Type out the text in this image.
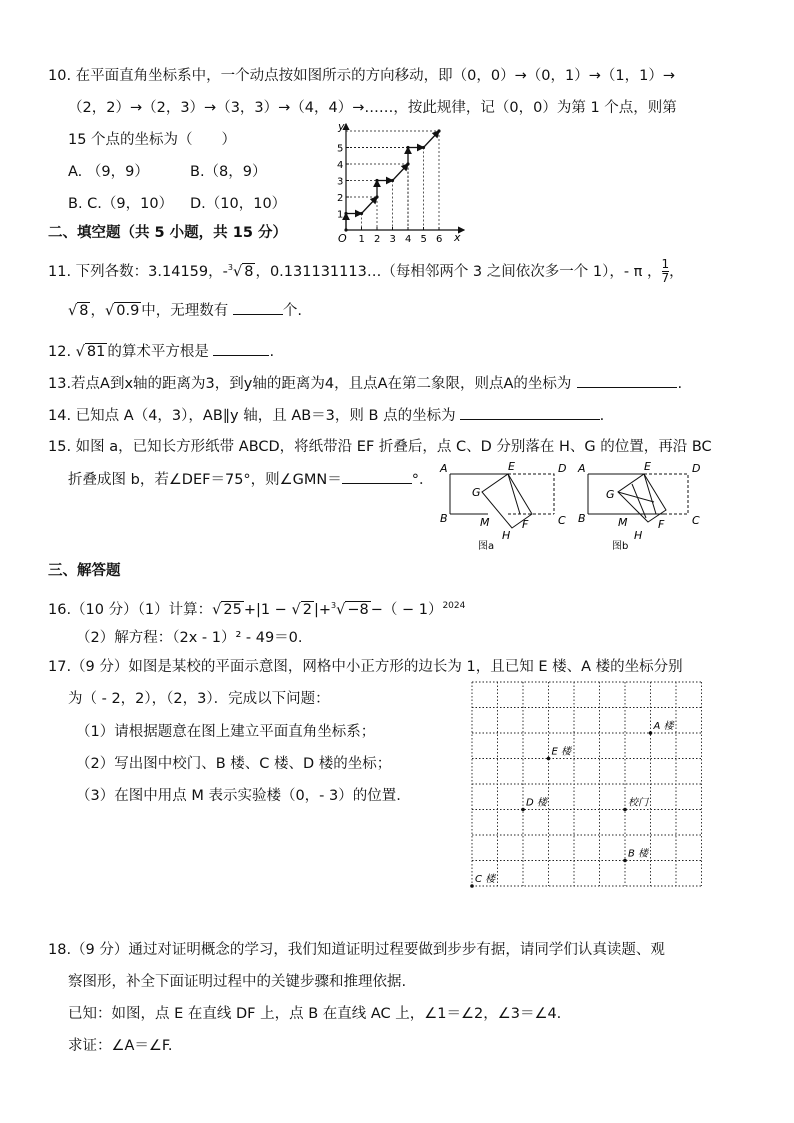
10. 在平面直角坐标系中，一个动点按如图所示的方向移动，即（0，0）→（0，1）→（1，1）→
（2，2）→（2，3）→（3，3）→（4，4）→……，按此规律，记（0，0）为第 1 个点，则第
15 个点的坐标为（　　）
A. （9，9）	B.（8，9）
B. C.（9，10） D.（10，10）
x
y
O 1 2 3 4 5 6
1
2
3
4
5
二、填空题（共 5 小题，共 15 分）
11. 下列各数：3.14159，-$^3$√ 8 ，0.131131113…（每相邻两个 3 之间依次多一个 1），- π ， $\frac{1}{7}$ ，
√ 8 ，√ 0.9 中，无理数有	个.
12. √ 81 的算术平方根是	.
13.若点A到x轴的距离为3，到y轴的距离为4，且点A在第二象限，则点A的坐标为	.
14. 已知点 A（4，3），AB∥y 轴，且 AB＝3，则 B 点的坐标为	.
15. 如图 a，已知长方形纸带 ABCD，将纸带沿 EF 折叠后，点 C、D 分别落在 H、G 的位置，再沿 BC
折叠成图 b，若∠DEF＝75°，则∠GMN＝	°．
A	E	D
G
B	M	F	C
H
图a
A	E	D
G
B	M	F	C
H
图b
三、解答题
16.（10 分）（1）计算：√ 25 +|1 − √ 2 |+$^3$√ −8 −（ − 1）$^{2024}$
（2）解方程：（2x - 1）² - 49＝0.
17.（9 分）如图是某校的平面示意图，网格中小正方形的边长为 1，且已知 E 楼、A 楼的坐标分别
为（ - 2，2），（2，3）．完成以下问题：
（1）请根据题意在图上建立平面直角坐标系；
（2）写出图中校门、B 楼、C 楼、D 楼的坐标；
（3）在图中用点 M 表示实验楼（0，- 3）的位置.
A 楼
E 楼
校门
D 楼
B 楼
C 楼
18.（9 分）通过对证明概念的学习，我们知道证明过程要做到步步有据，请同学们认真读题、观
察图形，补全下面证明过程中的关键步骤和推理依据.
已知：如图，点 E 在直线 DF 上，点 B 在直线 AC 上，∠1＝∠2，∠3＝∠4.
求证：∠A＝∠F.
